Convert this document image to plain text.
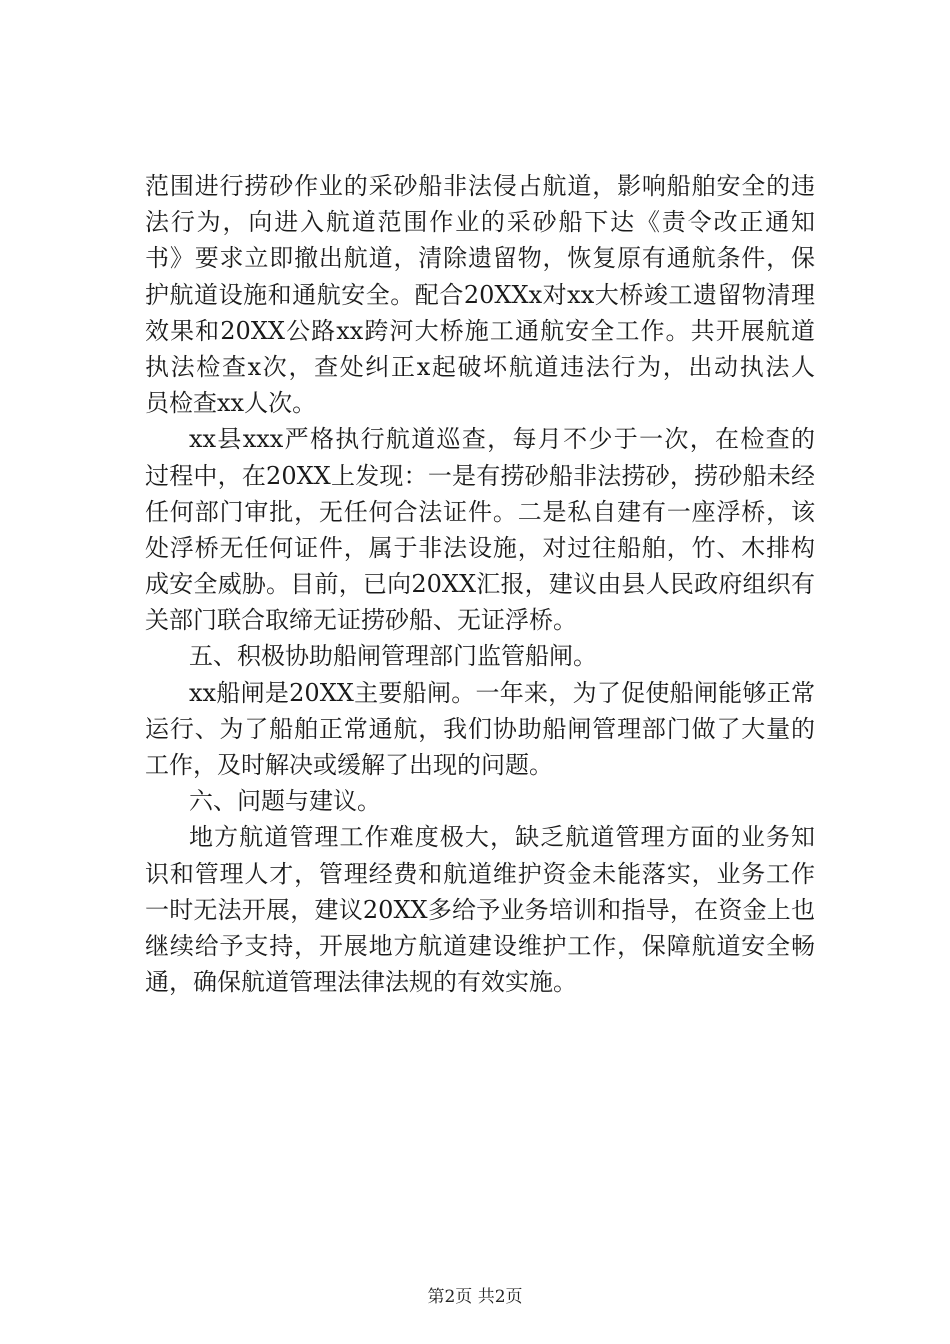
范围进行捞砂作业的采砂船非法侵占航道，影响船舶安全的违
法行为，向进入航道范围作业的采砂船下达《责令改正通知
书》要求立即撤出航道，清除遗留物，恢复原有通航条件，保
护航道设施和通航安全。配合20XXx对xx大桥竣工遗留物清理
效果和20XX公路xx跨河大桥施工通航安全工作。共开展航道
执法检查x次，查处纠正x起破坏航道违法行为，出动执法人
员检查xx人次。
xx县xxx严格执行航道巡查，每月不少于一次，在检查的
过程中，在20XX上发现：一是有捞砂船非法捞砂，捞砂船未经
任何部门审批，无任何合法证件。二是私自建有一座浮桥，该
处浮桥无任何证件，属于非法设施，对过往船舶，竹、木排构
成安全威胁。目前，已向20XX汇报，建议由县人民政府组织有
关部门联合取缔无证捞砂船、无证浮桥。
五、积极协助船闸管理部门监管船闸。
xx船闸是20XX主要船闸。一年来，为了促使船闸能够正常
运行、为了船舶正常通航，我们协助船闸管理部门做了大量的
工作，及时解决或缓解了出现的问题。
六、问题与建议。
地方航道管理工作难度极大，缺乏航道管理方面的业务知
识和管理人才，管理经费和航道维护资金未能落实，业务工作
一时无法开展，建议20XX多给予业务培训和指导，在资金上也
继续给予支持，开展地方航道建设维护工作，保障航道安全畅
通，确保航道管理法律法规的有效实施。
第2页 共2页
